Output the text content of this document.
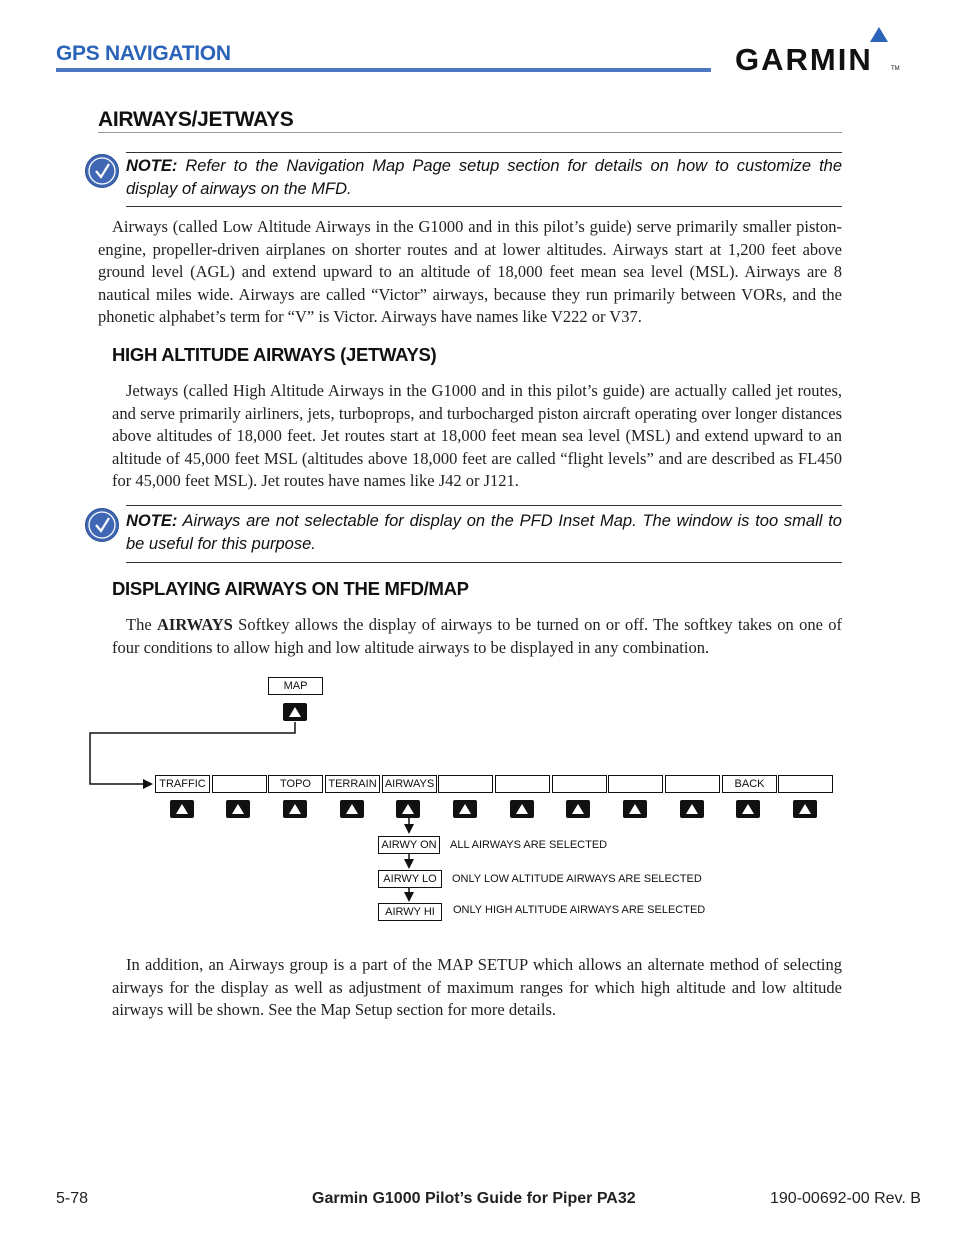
GPS NAVIGATION	GARMIN	TM
AIRWAYS/JETWAYS
NOTE: Refer to the Navigation Map Page setup section for details on how to customize the display of airways on the MFD.

Airways (called Low Altitude Airways in the G1000 and in this pilot’s guide) serve primarily smaller piston-engine, propeller-driven airplanes on shorter routes and at lower altitudes. Airways start at 1,200 feet above ground level (AGL) and extend upward to an altitude of 18,000 feet mean sea level (MSL). Airways are 8 nautical miles wide. Airways are called “Victor” airways, because they run primarily between VORs, and the phonetic alphabet’s term for “V” is Victor. Airways have names like V222 or V37.

HIGH ALTITUDE AIRWAYS (JETWAYS)

Jetways (called High Altitude Airways in the G1000 and in this pilot’s guide) are actually called jet routes, and serve primarily airliners, jets, turboprops, and turbocharged piston aircraft operating over longer distances above altitudes of 18,000 feet. Jet routes start at 18,000 feet mean sea level (MSL) and extend upward to an altitude of 45,000 feet MSL (altitudes above 18,000 feet are called “flight levels” and are described as FL450 for 45,000 feet MSL). Jet routes have names like J42 or J121.

NOTE: Airways are not selectable for display on the PFD Inset Map. The window is too small to be useful for this purpose.
DISPLAYING AIRWAYS ON THE MFD/MAP

The AIRWAYS Softkey allows the display of airways to be turned on or off. The softkey takes on one of four conditions to allow high and low altitude airways to be displayed in any combination.

MAP
TRAFFIC	TOPO	TERRAIN AIRWAYS	BACK
AIRWY ON	ALL AIRWAYS ARE SELECTED
AIRWY LO	ONLY LOW ALTITUDE AIRWAYS ARE SELECTED
AIRWY HI	ONLY HIGH ALTITUDE AIRWAYS ARE SELECTED

In addition, an Airways group is a part of the MAP SETUP which allows an alternate method of selecting airways for the display as well as adjustment of maximum ranges for which high altitude and low altitude airways will be shown. See the Map Setup section for more details.

5-78	Garmin G1000 Pilot’s Guide for Piper PA32	190-00692-00 Rev. B
